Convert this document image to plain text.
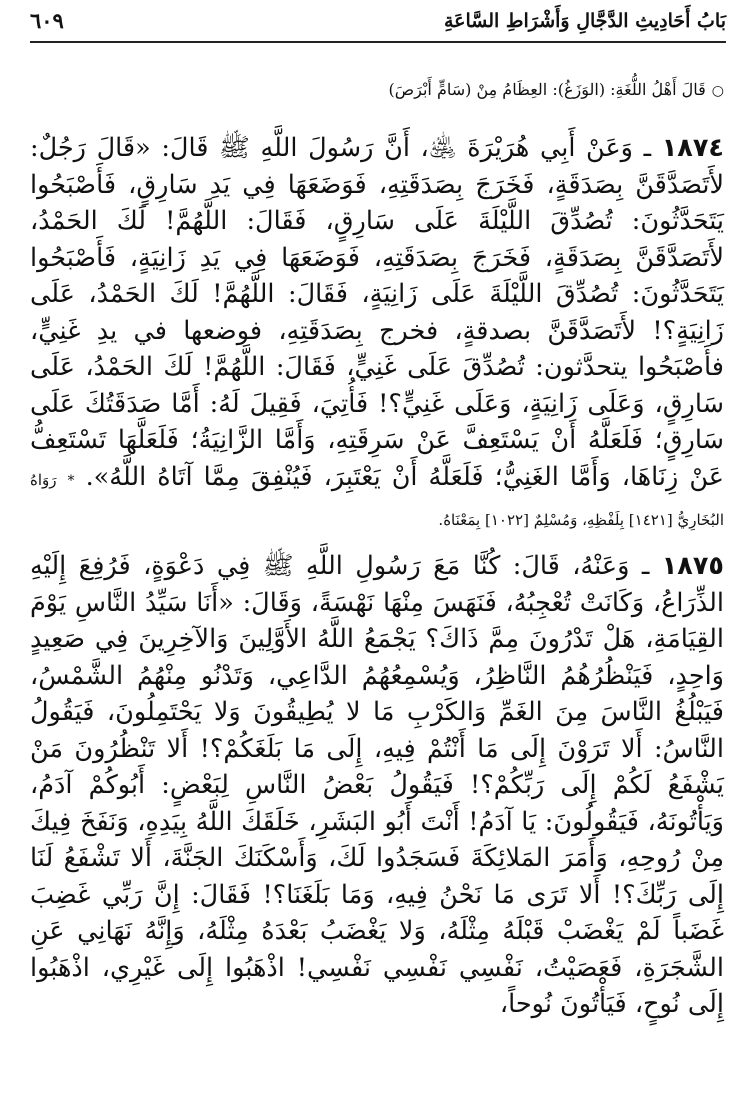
بَابُ أَحَادِيثِ الدَّجَّالِ وَأَشْرَاطِ السَّاعَةِ
٦٠٩
○قَالَ أَهْلُ اللُّغَةِ: (الوَزَغُ): العِظَامُ مِنْ (سَامٍّ أَبْرَصَ)

١٨٧٤ ـ وَعَنْ أَبِي هُرَيْرَةَ ﵁، أَنَّ رَسُولَ اللَّهِ ﷺ قَالَ: «قَالَ رَجُلٌ: لأَتَصَدَّقَنَّ بِصَدَقَةٍ، فَخَرَجَ بِصَدَقَتِهِ، فَوَضَعَهَا فِي يَدِ سَارِقٍ، فَأَصْبَحُوا يَتَحَدَّثُونَ: تُصُدِّقَ اللَّيْلَةَ عَلَى سَارِقٍ، فَقَالَ: اللَّهُمَّ! لَكَ الحَمْدُ، لأَتَصَدَّقَنَّ بِصَدَقَةٍ، فَخَرَجَ بِصَدَقَتِهِ، فَوَضَعَهَا فِي يَدِ زَانِيَةٍ، فَأَصْبَحُوا يَتَحَدَّثُونَ: تُصُدِّقَ اللَّيْلَةَ عَلَى زَانِيَةٍ، فَقَالَ: اللَّهُمَّ! لَكَ الحَمْدُ، عَلَى زَانِيَةٍ؟! لأَتَصَدَّقَنَّ بصدقةٍ، فخرج بِصَدَقَتِهِ، فوضعها في يدِ غَنِيٍّ، فأَصْبَحُوا يتحدَّثون: تُصُدِّقَ عَلَى غَنِيٍّ، فَقَالَ: اللَّهُمَّ! لَكَ الحَمْدُ، عَلَى سَارِقٍ، وَعَلَى زَانِيَةٍ، وَعَلَى غَنِيٍّ؟! فَأُتِيَ، فَقِيلَ لَهُ: أَمَّا صَدَقَتُكَ عَلَى سَارِقٍ؛ فَلَعَلَّهُ أَنْ يَسْتَعِفَّ عَنْ سَرِقَتِهِ، وَأَمَّا الزَّانِيَةُ؛ فَلَعَلَّهَا تَسْتَعِفُّ عَنْ زِنَاهَا، وَأَمَّا الغَنِيُّ؛ فَلَعَلَّهُ أَنْ يَعْتَبِرَ، فَيُنْفِقَ مِمَّا آتَاهُ اللَّهُ». * رَوَاهُ البُخَارِيُّ [١٤٢١] بِلَفْظِهِ، وَمُسْلِمٌ [١٠٢٢] بِمَعْنَاهُ.

١٨٧٥ ـ وَعَنْهُ، قَالَ: كُنَّا مَعَ رَسُولِ اللَّهِ ﷺ فِي دَعْوَةٍ، فَرُفِعَ إِلَيْهِ الذِّرَاعُ، وَكَانَتْ تُعْجِبُهُ، فَنَهَسَ مِنْهَا نَهْسَةً، وَقَالَ: «أَنَا سَيِّدُ النَّاسِ يَوْمَ القِيَامَةِ، هَلْ تَدْرُونَ مِمَّ ذَاكَ؟ يَجْمَعُ اللَّهُ الأَوَّلِينَ وَالآخِرِينَ فِي صَعِيدٍ وَاحِدٍ، فَيَنْظُرُهُمُ النَّاظِرُ، وَيُسْمِعُهُمُ الدَّاعِي، وَتَدْنُو مِنْهُمُ الشَّمْسُ، فَيَبْلُغُ النَّاسَ مِنَ الغَمِّ وَالكَرْبِ مَا لا يُطِيقُونَ وَلا يَحْتَمِلُونَ، فَيَقُولُ النَّاسُ: أَلا تَرَوْنَ إِلَى مَا أَنْتُمْ فِيهِ، إِلَى مَا بَلَغَكُمْ؟! أَلا تَنْظُرُونَ مَنْ يَشْفَعُ لَكُمْ إِلَى رَبِّكُمْ؟! فَيَقُولُ بَعْضُ النَّاسِ لِبَعْضٍ: أَبُوكُمْ آدَمُ، وَيَأْتُونَهُ، فَيَقُولُونَ: يَا آدَمُ! أَنْتَ أَبُو البَشَرِ، خَلَقَكَ اللَّهُ بِيَدِهِ، وَنَفَخَ فِيكَ مِنْ رُوحِهِ، وَأَمَرَ المَلائِكَةَ فَسَجَدُوا لَكَ، وَأَسْكَنَكَ الجَنَّةَ، أَلا تَشْفَعُ لَنَا إِلَى رَبِّكَ؟! أَلا تَرَى مَا نَحْنُ فِيهِ، وَمَا بَلَغَنَا؟! فَقَالَ: إِنَّ رَبِّي غَضِبَ غَضَباً لَمْ يَغْضَبْ قَبْلَهُ مِثْلَهُ، وَلا يَغْضَبُ بَعْدَهُ مِثْلَهُ، وَإِنَّهُ نَهَانِي عَنِ الشَّجَرَةِ، فَعَصَيْتُ، نَفْسِي نَفْسِي نَفْسِي! اذْهَبُوا إِلَى غَيْرِي، اذْهَبُوا إِلَى نُوحٍ، فَيَأْتُونَ نُوحاً،
